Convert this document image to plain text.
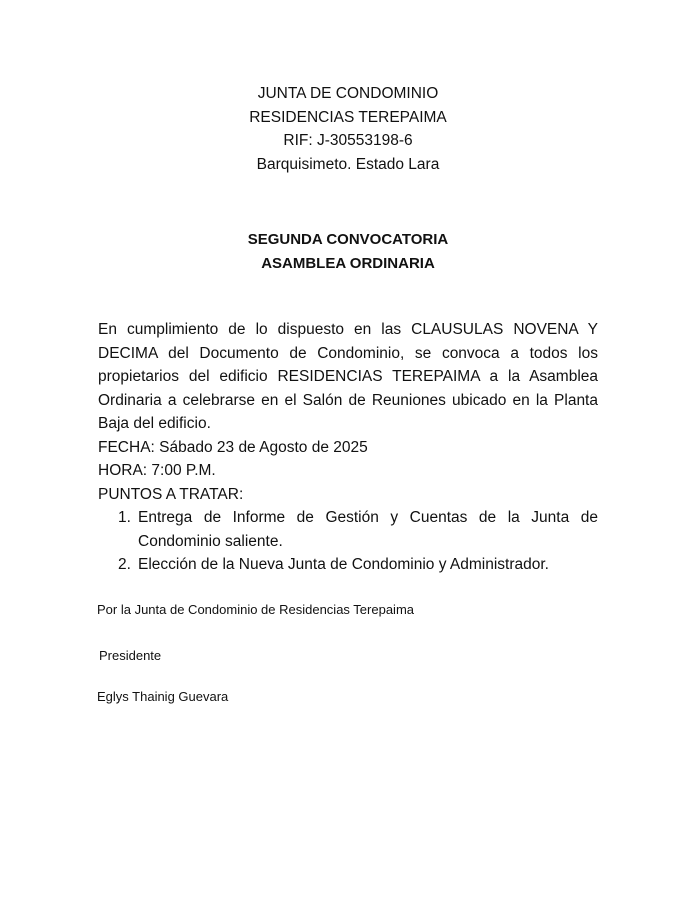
JUNTA DE CONDOMINIO
RESIDENCIAS TEREPAIMA
RIF: J-30553198-6
Barquisimeto. Estado Lara
SEGUNDA CONVOCATORIA
ASAMBLEA ORDINARIA

En cumplimiento de lo dispuesto en las CLAUSULAS NOVENA Y DECIMA del Documento de Condominio, se convoca a todos los propietarios del edificio RESIDENCIAS TEREPAIMA a la Asamblea Ordinaria a celebrarse en el Salón de Reuniones ubicado en la Planta Baja del edificio.

FECHA: Sábado 23 de Agosto de 2025
HORA: 7:00 P.M.
PUNTOS A TRATAR:
1. Entrega de Informe de Gestión y Cuentas de la Junta de Condominio saliente.
2. Elección de la Nueva Junta de Condominio y Administrador.
Por la Junta de Condominio de Residencias Terepaima
Presidente
Eglys Thainig Guevara
